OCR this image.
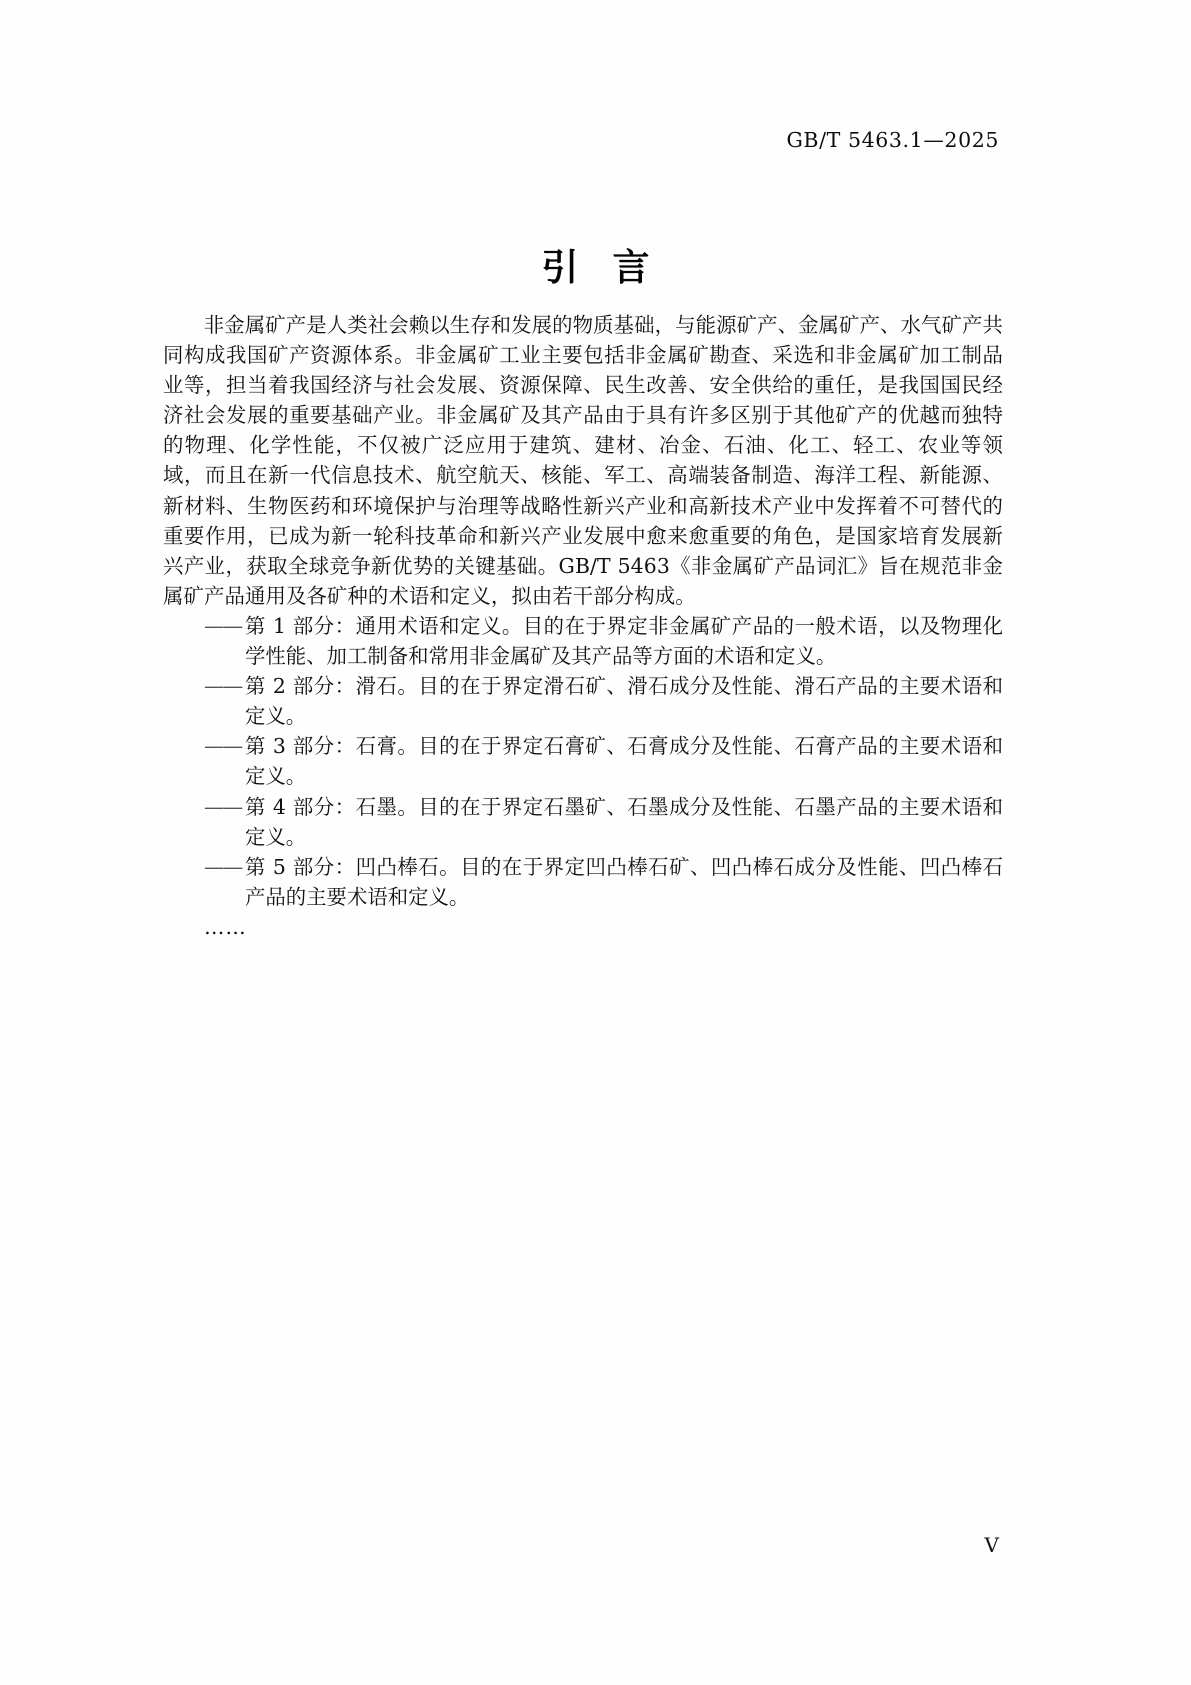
GB/T 5463.1—2025
引言

非金属矿产是人类社会赖以生存和发展的物质基础，与能源矿产、金属矿产、水气矿产共同构成我国矿产资源体系。非金属矿工业主要包括非金属矿勘查、采选和非金属矿加工制品业等，担当着我国经济与社会发展、资源保障、民生改善、安全供给的重任，是我国国民经济社会发展的重要基础产业。非金属矿及其产品由于具有许多区别于其他矿产的优越而独特的物理、化学性能，不仅被广泛应用于建筑、建材、冶金、石油、化工、轻工、农业等领域，而且在新一代信息技术、航空航天、核能、军工、高端装备制造、海洋工程、新能源、新材料、生物医药和环境保护与治理等战略性新兴产业和高新技术产业中发挥着不可替代的重要作用，已成为新一轮科技革命和新兴产业发展中愈来愈重要的角色，是国家培育发展新兴产业，获取全球竞争新优势的关键基础。GB/T 5463《非金属矿产品词汇》旨在规范非金属矿产品通用及各矿种的术语和定义，拟由若干部分构成。

—— 第 1 部分：通用术语和定义。目的在于界定非金属矿产品的一般术语，以及物理化学性能、加工制备和常用非金属矿及其产品等方面的术语和定义。
—— 第 2 部分：滑石。目的在于界定滑石矿、滑石成分及性能、滑石产品的主要术语和定义。
—— 第 3 部分：石膏。目的在于界定石膏矿、石膏成分及性能、石膏产品的主要术语和定义。
—— 第 4 部分：石墨。目的在于界定石墨矿、石墨成分及性能、石墨产品的主要术语和定义。
—— 第 5 部分：凹凸棒石。目的在于界定凹凸棒石矿、凹凸棒石成分及性能、凹凸棒石产品的主要术语和定义。
……
Ⅴ
